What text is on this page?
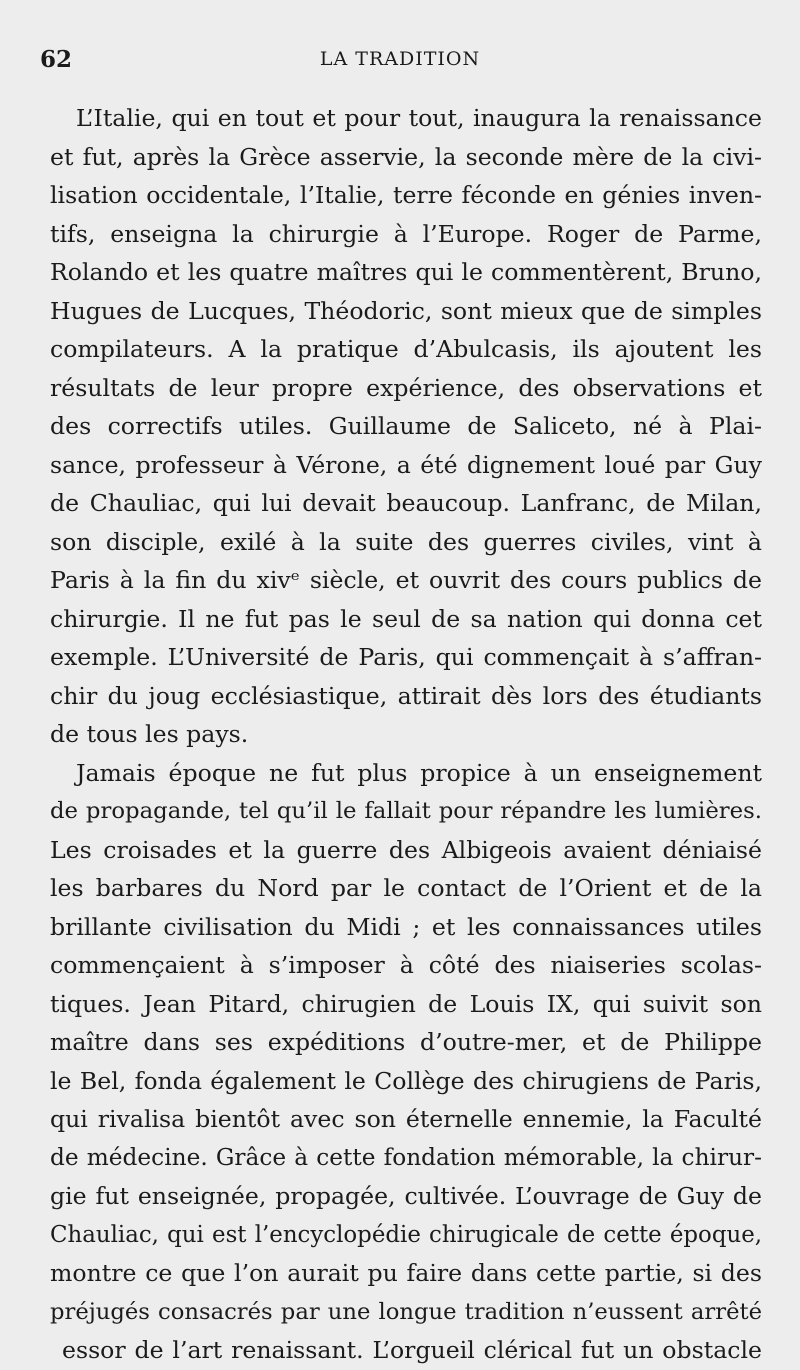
62	LA TRADITION
L’Italie, qui en tout et pour tout, inaugura la renaissance
et fut, après la Grèce asservie, la seconde mère de la civi-
lisation occidentale, l’Italie, terre féconde en génies inven-
tifs, enseigna la chirurgie à l’Europe. Roger de Parme,
Rolando et les quatre maîtres qui le commentèrent, Bruno,
Hugues de Lucques, Théodoric, sont mieux que de simples
compilateurs. A la pratique d’Abulcasis, ils ajoutent les
résultats de leur propre expérience, des observations et
des correctifs utiles. Guillaume de Saliceto, né à Plai-
sance, professeur à Vérone, a été dignement loué par Guy
de Chauliac, qui lui devait beaucoup. Lanfranc, de Milan,
son disciple, exilé à la suite des guerres civiles, vint à
Paris à la fin du xivᵉ siècle, et ouvrit des cours publics de
chirurgie. Il ne fut pas le seul de sa nation qui donna cet
exemple. L’Université de Paris, qui commençait à s’affran-
chir du joug ecclésiastique, attirait dès lors des étudiants
de tous les pays.
Jamais époque ne fut plus propice à un enseignement
de propagande, tel qu’il le fallait pour répandre les lumières.
Les croisades et la guerre des Albigeois avaient déniaisé
les barbares du Nord par le contact de l’Orient et de la
brillante civilisation du Midi ; et les connaissances utiles
commençaient à s’imposer à côté des niaiseries scolas-
tiques. Jean Pitard, chirugien de Louis IX, qui suivit son
maître dans ses expéditions d’outre-mer, et de Philippe
le Bel, fonda également le Collège des chirugiens de Paris,
qui rivalisa bientôt avec son éternelle ennemie, la Faculté
de médecine. Grâce à cette fondation mémorable, la chirur-
gie fut enseignée, propagée, cultivée. L’ouvrage de Guy de
Chauliac, qui est l’encyclopédie chirugicale de cette époque,
montre ce que l’on aurait pu faire dans cette partie, si des
préjugés consacrés par une longue tradition n’eussent arrêté
essor de l’art renaissant. L’orgueil clérical fut un obstacle
